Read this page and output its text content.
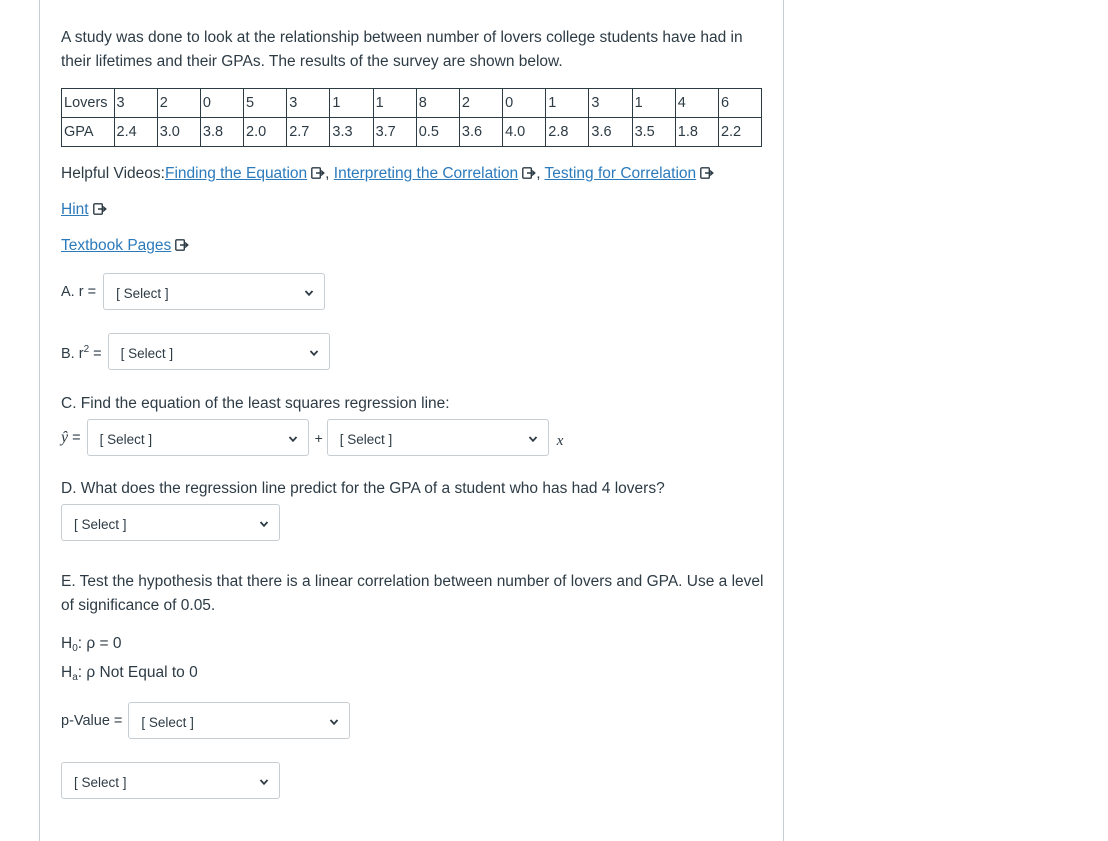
A study was done to look at the relationship between number of lovers college students have had in their lifetimes and their GPAs. The results of the survey are shown below.

Lovers	3	2	0	5	3	1	1	8	2	0	1	3	1	4	6
GPA	2.4	3.0	3.8	2.0	2.7	3.3	3.7	0.5	3.6	4.0	2.8	3.6	3.5	1.8	2.2

Helpful Videos:Finding the Equation , Interpreting the Correlation , Testing for Correlation

Hint

Textbook Pages

A. r = [ Select ]
B. $r^2$ = [ Select ]

C. Find the equation of the least squares regression line:

ŷ = [ Select ]	+ [ Select ]	x

D. What does the regression line predict for the GPA of a student who has had 4 lovers?

[ Select ]

E. Test the hypothesis that there is a linear correlation between number of lovers and GPA. Use a level of significance of 0.05.

$H_0$: ρ = 0

$H_a$: ρ Not Equal to 0

p-Value = [ Select ]
[ Select ]
